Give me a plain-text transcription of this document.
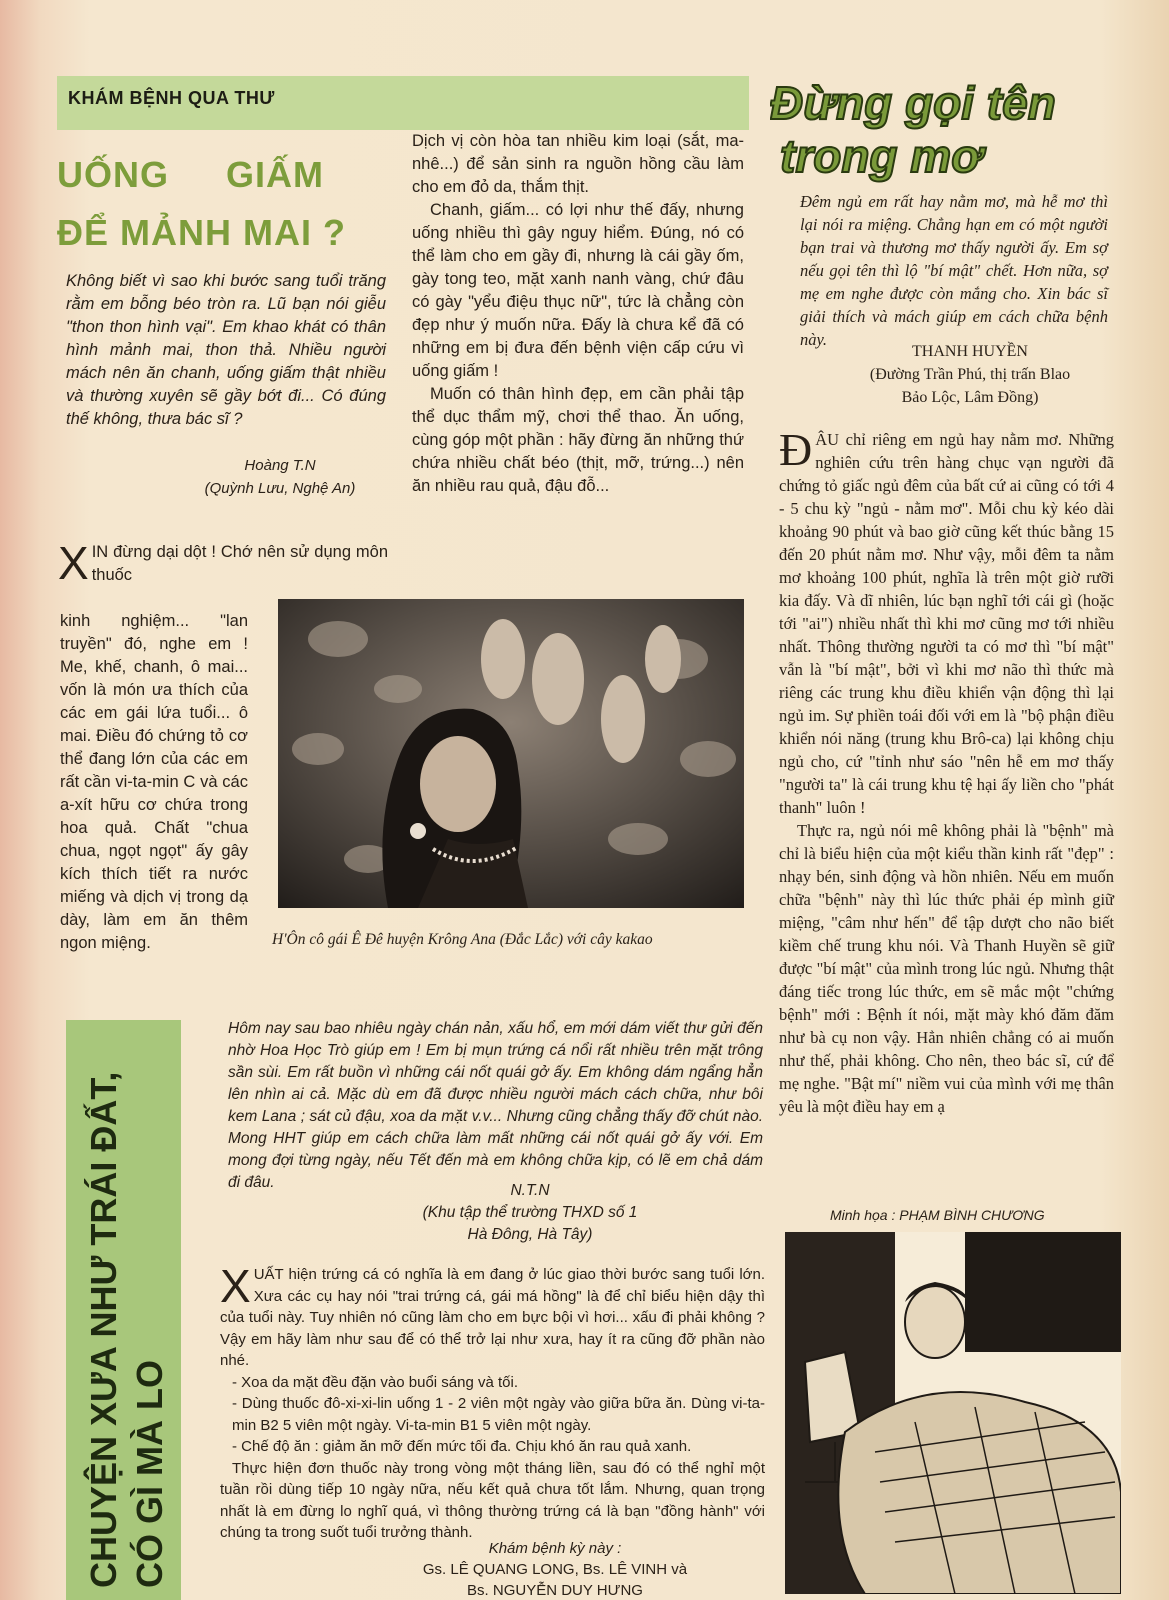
KHÁM BỆNH QUA THƯ
UỐNG GIẤM
ĐỂ MẢNH MAI ?

Không biết vì sao khi bước sang tuổi trăng rằm em bỗng béo tròn ra. Lũ bạn nói giễu "thon thon hình vại". Em khao khát có thân hình mảnh mai, thon thả. Nhiều người mách nên ăn chanh, uống giấm thật nhiều và thường xuyên sẽ gầy bớt đi... Có đúng thế không, thưa bác sĩ ?

Hoàng T.N
(Quỳnh Lưu, Nghệ An)
X IN đừng dại dột ! Chớ nên sử dụng môn thuốc

kinh nghiệm... "lan truyền" đó, nghe em ! Me, khế, chanh, ô mai... vốn là món ưa thích của các em gái lứa tuổi... ô mai. Điều đó chứng tỏ cơ thể đang lớn của các em rất cần vi-ta-min C và các a-xít hữu cơ chứa trong hoa quả. Chất "chua chua, ngọt ngọt" ấy gây kích thích tiết ra nước miếng và dịch vị trong dạ dày, làm em ăn thêm ngon miệng.

Dịch vị còn hòa tan nhiều kim loại (sắt, ma-nhê...) để sản sinh ra nguồn hồng cầu làm cho em đỏ da, thắm thịt.

Chanh, giấm... có lợi như thế đấy, nhưng uống nhiều thì gây nguy hiểm. Đúng, nó có thể làm cho em gầy đi, nhưng là cái gầy ốm, gày tong teo, mặt xanh nanh vàng, chứ đâu có gày "yểu điệu thục nữ", tức là chẳng còn đẹp như ý muốn nữa. Đấy là chưa kể đã có những em bị đưa đến bệnh viện cấp cứu vì uống giấm !

Muốn có thân hình đẹp, em cần phải tập thể dục thẩm mỹ, chơi thể thao. Ăn uống, cùng góp một phần : hãy đừng ăn những thứ chứa nhiều chất béo (thịt, mỡ, trứng...) nên ăn nhiều rau quả, đậu đỗ...

H'Ôn cô gái Ê Đê huyện Krông Ana (Đắc Lắc) với cây kakao

Đừng gọi tên
trong mơ

Đêm ngủ em rất hay nằm mơ, mà hễ mơ thì lại nói ra miệng. Chẳng hạn em có một người bạn trai và thương mơ thấy người ấy. Em sợ nếu gọi tên thì lộ "bí mật" chết. Hơn nữa, sợ mẹ em nghe được còn mắng cho. Xin bác sĩ giải thích và mách giúp em cách chữa bệnh này.

THANH HUYỀN
(Đường Trần Phú, thị trấn Blao
Bảo Lộc, Lâm Đồng)

ĐÂU chỉ riêng em ngủ hay nằm mơ. Những nghiên cứu trên hàng chục vạn người đã chứng tỏ giấc ngủ đêm của bất cứ ai cũng có tới 4 - 5 chu kỳ "ngủ - nằm mơ". Mỗi chu kỳ kéo dài khoảng 90 phút và bao giờ cũng kết thúc bằng 15 đến 20 phút nằm mơ. Như vậy, mỗi đêm ta nằm mơ khoảng 100 phút, nghĩa là trên một giờ rưỡi kia đấy. Và dĩ nhiên, lúc bạn nghĩ tới cái gì (hoặc tới "ai") nhiều nhất thì khi mơ cũng mơ tới nhiều nhất. Thông thường người ta có mơ thì "bí mật" vẫn là "bí mật", bởi vì khi mơ não thì thức mà riêng các trung khu điều khiển vận động thì lại ngủ im. Sự phiền toái đối với em là "bộ phận điều khiển nói năng (trung khu Brô-ca) lại không chịu ngủ cho, cứ "tỉnh như sáo "nên hễ em mơ thấy "người ta" là cái trung khu tệ hại ấy liền cho "phát thanh" luôn !

Thực ra, ngủ nói mê không phải là "bệnh" mà chỉ là biểu hiện của một kiểu thần kinh rất "đẹp" : nhạy bén, sinh động và hồn nhiên. Nếu em muốn chữa "bệnh" này thì lúc thức phải ép mình giữ miệng, "câm như hến" để tập dượt cho não biết kiềm chế trung khu nói. Và Thanh Huyền sẽ giữ được "bí mật" của mình trong lúc ngủ. Nhưng thật đáng tiếc trong lúc thức, em sẽ mắc một "chứng bệnh" mới : Bệnh ít nói, mặt mày khó đăm đăm như bà cụ non vậy. Hẳn nhiên chẳng có ai muốn như thế, phải không. Cho nên, theo bác sĩ, cứ để mẹ nghe. "Bật mí" niềm vui của mình với mẹ thân yêu là một điều hay em ạ

Minh họa : PHẠM BÌNH CHƯƠNG
CHUYỆN XƯA NHƯ TRÁI ĐẤT, CÓ GÌ MÀ LO

Hôm nay sau bao nhiêu ngày chán nản, xấu hổ, em mới dám viết thư gửi đến nhờ Hoa Học Trò giúp em ! Em bị mụn trứng cá nổi rất nhiều trên mặt trông sần sùi. Em rất buồn vì những cái nốt quái gở ấy. Em không dám ngẩng hẳn lên nhìn ai cả. Mặc dù em đã được nhiều người mách cách chữa, như bôi kem Lana ; sát củ đậu, xoa da mặt v.v... Nhưng cũng chẳng thấy đỡ chút nào. Mong HHT giúp em cách chữa làm mất những cái nốt quái gở ấy với. Em mong đợi từng ngày, nếu Tết đến mà em không chữa kịp, có lẽ em chả dám đi đâu.	N.T.N
(Khu tập thể trường THXD số 1
Hà Đông, Hà Tây)

XUẤT hiện trứng cá có nghĩa là em đang ở lúc giao thời bước sang tuổi lớn. Xưa các cụ hay nói "trai trứng cá, gái má hồng" là để chỉ biểu hiện dậy thì của tuổi này. Tuy nhiên nó cũng làm cho em bực bội vì hơi... xấu đi phải không ? Vậy em hãy làm như sau để có thể trở lại như xưa, hay ít ra cũng đỡ phần nào nhé.

- Xoa da mặt đều đặn vào buổi sáng và tối.

- Dùng thuốc đô-xi-xi-lin uống 1 - 2 viên một ngày vào giữa bữa ăn. Dùng vi-ta-min B2 5 viên một ngày. Vi-ta-min B1 5 viên một ngày.

- Chế độ ăn : giảm ăn mỡ đến mức tối đa. Chịu khó ăn rau quả xanh.

Thực hiện đơn thuốc này trong vòng một tháng liền, sau đó có thể nghỉ một tuần rồi dùng tiếp 10 ngày nữa, nếu kết quả chưa tốt lắm. Nhưng, quan trọng nhất là em đừng lo nghĩ quá, vì thông thường trứng cá là bạn "đồng hành" với chúng ta trong suốt tuổi trưởng thành.

Khám bệnh kỳ này :
Gs. LÊ QUANG LONG, Bs. LÊ VINH và
Bs. NGUYỄN DUY HƯNG
